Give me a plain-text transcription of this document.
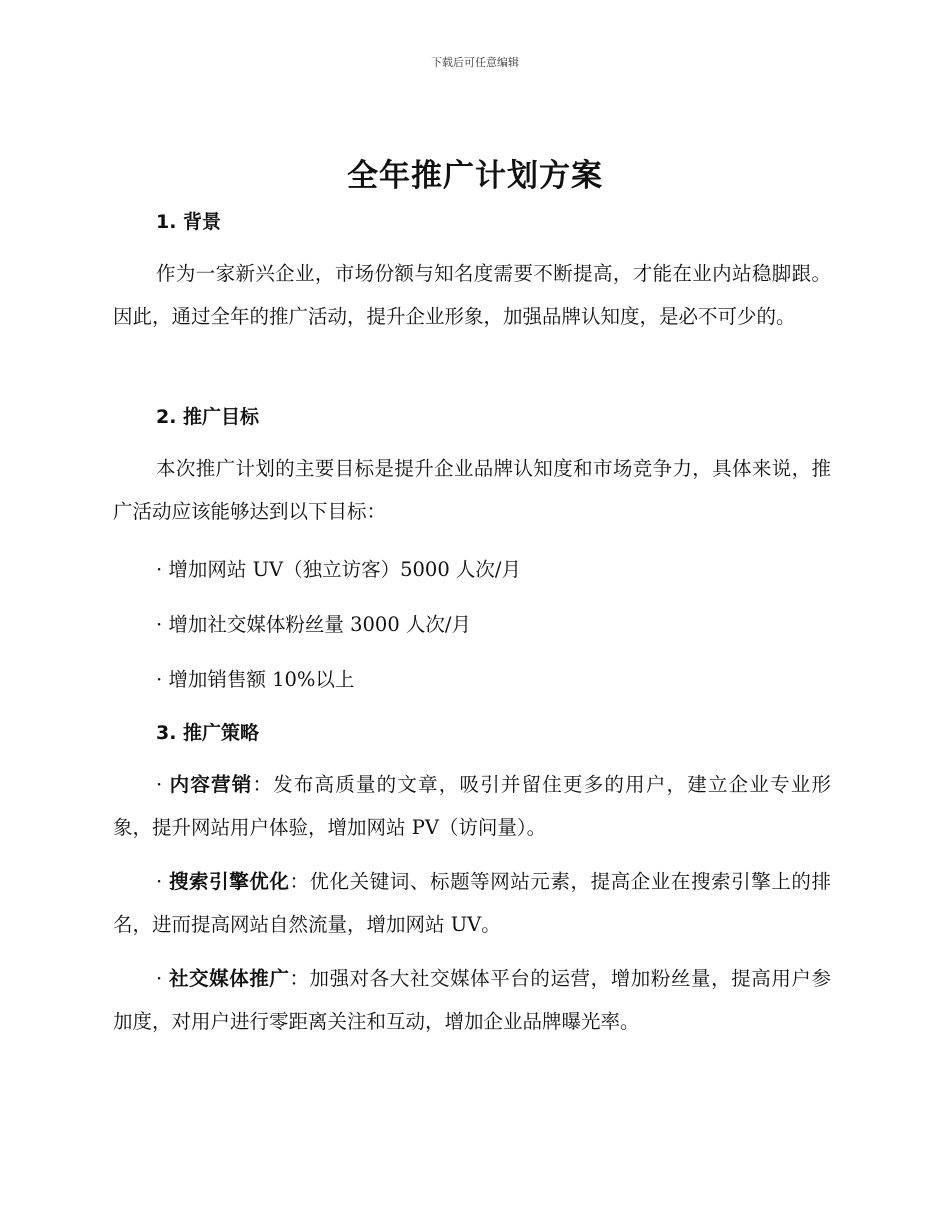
下载后可任意编辑
全年推广计划方案
1. 背景
作为一家新兴企业，市场份额与知名度需要不断提高，才能在业内站稳脚跟。因此，通过全年的推广活动，提升企业形象，加强品牌认知度，是必不可少的。
2. 推广目标
本次推广计划的主要目标是提升企业品牌认知度和市场竞争力，具体来说，推广活动应该能够达到以下目标：
· 增加网站 UV（独立访客）5000 人次/月
· 增加社交媒体粉丝量 3000 人次/月
· 增加销售额 10%以上
3. 推广策略
· 内容营销：发布高质量的文章，吸引并留住更多的用户，建立企业专业形象，提升网站用户体验，增加网站 PV（访问量）。
· 搜索引擎优化：优化关键词、标题等网站元素，提高企业在搜索引擎上的排名，进而提高网站自然流量，增加网站 UV。
· 社交媒体推广：加强对各大社交媒体平台的运营，增加粉丝量，提高用户参加度，对用户进行零距离关注和互动，增加企业品牌曝光率。
